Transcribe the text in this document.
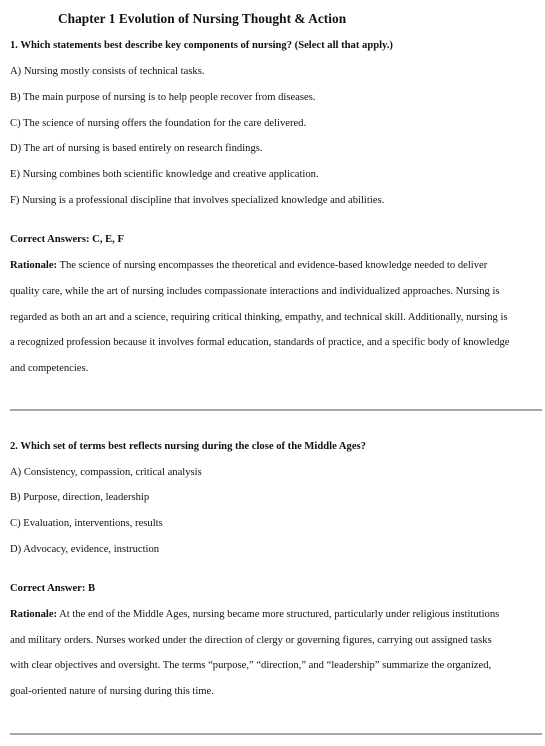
Chapter 1 Evolution of Nursing Thought & Action
1. Which statements best describe key components of nursing? (Select all that apply.)
A) Nursing mostly consists of technical tasks.
B) The main purpose of nursing is to help people recover from diseases.
C) The science of nursing offers the foundation for the care delivered.
D) The art of nursing is based entirely on research findings.
E) Nursing combines both scientific knowledge and creative application.
F) Nursing is a professional discipline that involves specialized knowledge and abilities.
Correct Answers: C, E, F
Rationale: The science of nursing encompasses the theoretical and evidence-based knowledge needed to deliver
quality care, while the art of nursing includes compassionate interactions and individualized approaches. Nursing is
regarded as both an art and a science, requiring critical thinking, empathy, and technical skill. Additionally, nursing is
a recognized profession because it involves formal education, standards of practice, and a specific body of knowledge
and competencies.
2. Which set of terms best reflects nursing during the close of the Middle Ages?
A) Consistency, compassion, critical analysis
B) Purpose, direction, leadership
C) Evaluation, interventions, results
D) Advocacy, evidence, instruction
Correct Answer: B
Rationale: At the end of the Middle Ages, nursing became more structured, particularly under religious institutions
and military orders. Nurses worked under the direction of clergy or governing figures, carrying out assigned tasks
with clear objectives and oversight. The terms “purpose,” “direction,” and “leadership” summarize the organized,
goal-oriented nature of nursing during this time.
